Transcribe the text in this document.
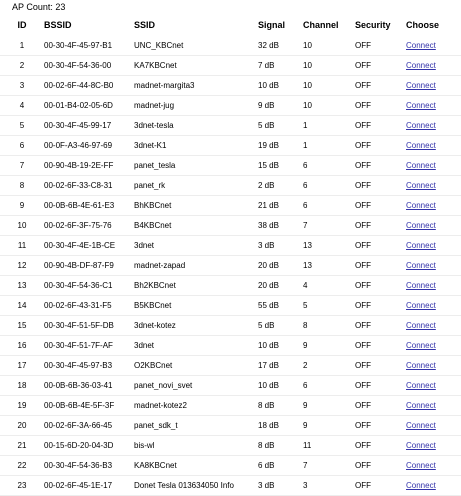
AP Count: 23
ID	BSSID	SSID	Signal	Channel	Security	Choose
1	00-30-4F-45-97-B1	UNC_KBCnet	32 dB	10	OFF	Connect
2	00-30-4F-54-36-00	KA7KBCnet	7 dB	10	OFF	Connect
3	00-02-6F-44-8C-B0	madnet-margita3	10 dB	10	OFF	Connect
4	00-01-B4-02-05-6D	madnet-jug	9 dB	10	OFF	Connect
5	00-30-4F-45-99-17	3dnet-tesla	5 dB	1	OFF	Connect
6	00-0F-A3-46-97-69	3dnet-K1	19 dB	1	OFF	Connect
7	00-90-4B-19-2E-FF	panet_tesla	15 dB	6	OFF	Connect
8	00-02-6F-33-C8-31	panet_rk	2 dB	6	OFF	Connect
9	00-0B-6B-4E-61-E3	BhKBCnet	21 dB	6	OFF	Connect
10	00-02-6F-3F-75-76	B4KBCnet	38 dB	7	OFF	Connect
11	00-30-4F-4E-1B-CE	3dnet	3 dB	13	OFF	Connect
12	00-90-4B-DF-87-F9	madnet-zapad	20 dB	13	OFF	Connect
13	00-30-4F-54-36-C1	Bh2KBCnet	20 dB	4	OFF	Connect
14	00-02-6F-43-31-F5	B5KBCnet	55 dB	5	OFF	Connect
15	00-30-4F-51-5F-DB	3dnet-kotez	5 dB	8	OFF	Connect
16	00-30-4F-51-7F-AF	3dnet	10 dB	9	OFF	Connect
17	00-30-4F-45-97-B3	O2KBCnet	17 dB	2	OFF	Connect
18	00-0B-6B-36-03-41	panet_novi_svet	10 dB	6	OFF	Connect
19	00-0B-6B-4E-5F-3F	madnet-kotez2	8 dB	9	OFF	Connect
20	00-02-6F-3A-66-45	panet_sdk_t	18 dB	9	OFF	Connect
21	00-15-6D-20-04-3D	bis-wl	8 dB	11	OFF	Connect
22	00-30-4F-54-36-B3	KA8KBCnet	6 dB	7	OFF	Connect
23	00-02-6F-45-1E-17	Donet Tesla 013634050 Info	3 dB	3	OFF	Connect
